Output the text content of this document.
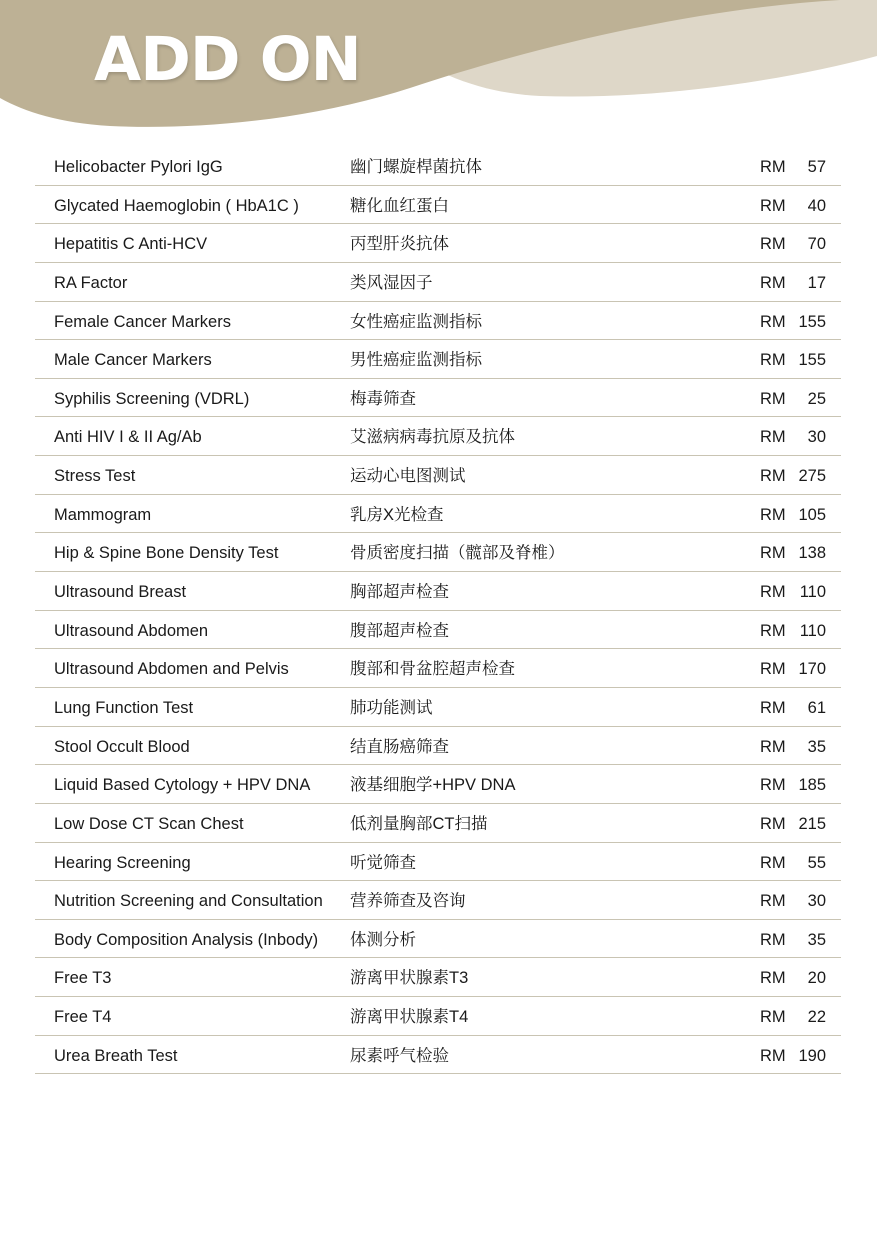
ADD ON
Helicobacter Pylori IgG	幽门螺旋桿菌抗体	RM 57
Glycated Haemoglobin ( HbA1C )	糖化血红蛋白	RM 40
Hepatitis C Anti-HCV	丙型肝炎抗体	RM 70
RA Factor	类风湿因子	RM 17
Female Cancer Markers	女性癌症监测指标	RM 155
Male Cancer Markers	男性癌症监测指标	RM 155
Syphilis Screening (VDRL)	梅毒筛查	RM 25
Anti HIV I & II Ag/Ab	艾滋病病毒抗原及抗体	RM 30
Stress Test	运动心电图测试	RM 275
Mammogram	乳房X光检查	RM 105
Hip & Spine Bone Density Test	骨质密度扫描（髋部及脊椎）	RM 138
Ultrasound Breast	胸部超声检查	RM 110
Ultrasound Abdomen	腹部超声检查	RM 110
Ultrasound Abdomen and Pelvis	腹部和骨盆腔超声检查	RM 170
Lung Function Test	肺功能测试	RM 61
Stool Occult Blood	结直肠癌筛查	RM 35
Liquid Based Cytology + HPV DNA 液基细胞学+HPV DNA	RM 185
Low Dose CT Scan Chest	低剂量胸部CT扫描	RM 215
Hearing Screening	听觉筛查	RM 55
Nutrition Screening and Consultation 营养筛查及咨询	RM 30
Body Composition Analysis (Inbody) 体测分析	RM 35
Free T3	游离甲状腺素T3	RM 20
Free T4	游离甲状腺素T4	RM 22
Urea Breath Test	尿素呼气检验	RM 190
